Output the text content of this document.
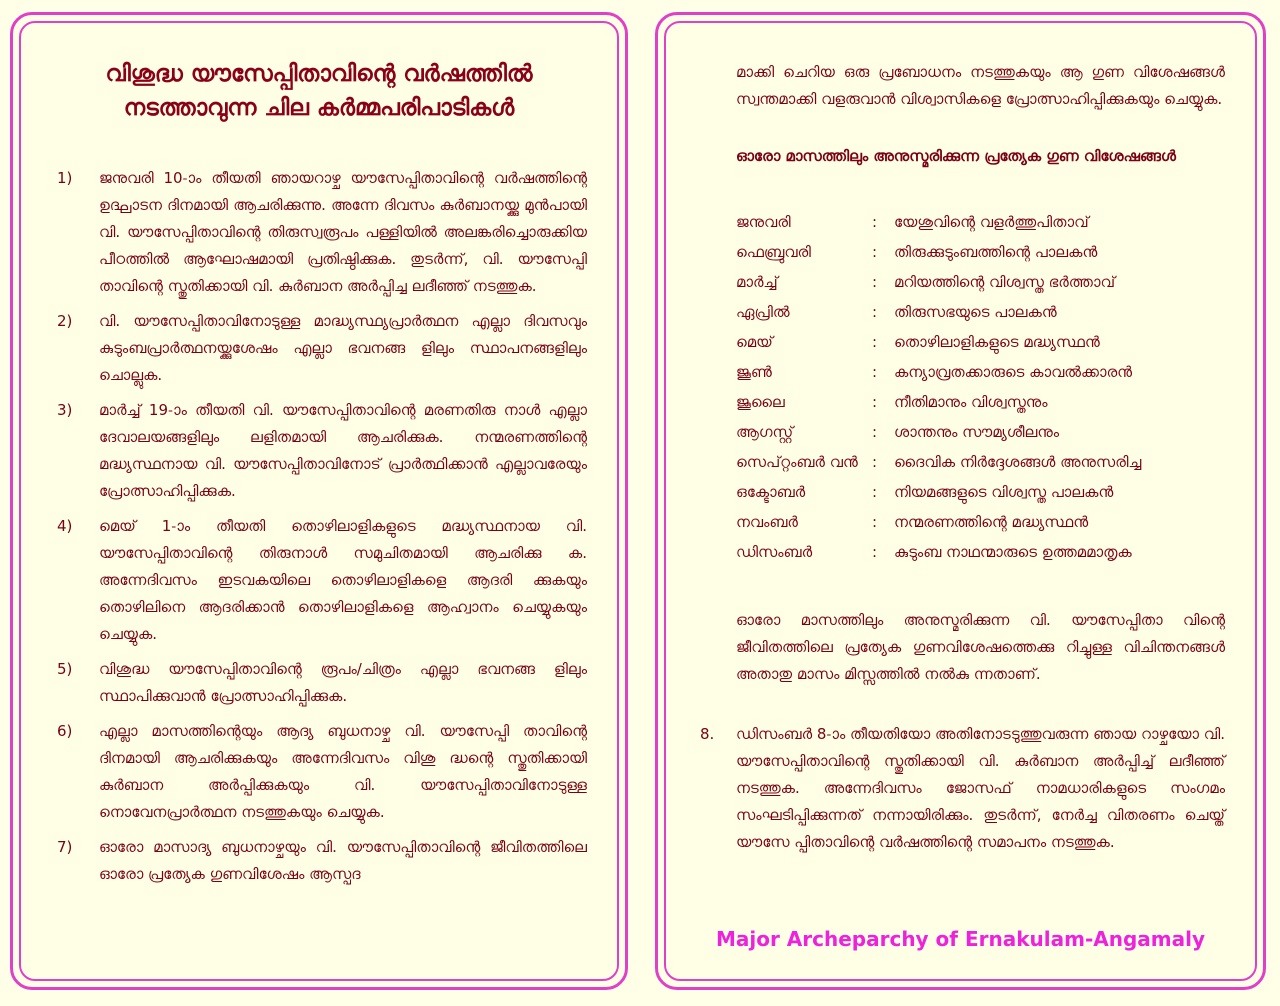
വിശുദ്ധ യൗസേപ്പിതാവിന്റെ വർഷത്തിൽ
നടത്താവുന്ന ചില കർമ്മപരിപാടികൾ
1)	ജനുവരി 10-ാം തീയതി ഞായറാഴ്ച യൗസേപ്പിതാവിന്റെ വർഷത്തിന്റെ ഉദ്ഘാടന ദിനമായി ആചരിക്കുന്നു. അന്നേ ദിവസം കുർബാനയ്ക്കു മുൻപായി വി. യൗസേപ്പിതാവിന്റെ തിരുസ്വരൂപം പള്ളിയിൽ അലങ്കരിച്ചൊരുക്കിയ പീഠത്തിൽ ആഘോഷമായി പ്രതിഷ്ഠിക്കുക. തുടർന്ന്, വി. യൗസേപ്പി താവിന്റെ സ്തുതിക്കായി വി. കുർബാന അർപ്പിച്ച ലദീഞ്ഞ് നടത്തുക.
2)	വി. യൗസേപ്പിതാവിനോടുള്ള മാദ്ധ്യസ്ഥ്യപ്രാർത്ഥന എല്ലാ ദിവസവും കുടുംബപ്രാർത്ഥനയ്ക്കുശേഷം എല്ലാ ഭവനങ്ങ ളിലും സ്ഥാപനങ്ങളിലും ചൊല്ലുക.
3)	മാർച്ച് 19-ാം തീയതി വി. യൗസേപ്പിതാവിന്റെ മരണതിരു നാൾ എല്ലാ ദേവാലയങ്ങളിലും ലളിതമായി ആചരിക്കുക. നന്മരണത്തിന്റെ മദ്ധ്യസ്ഥനായ വി. യൗസേപ്പിതാവിനോട് പ്രാർത്ഥിക്കാൻ എല്ലാവരേയും പ്രോത്സാഹിപ്പിക്കുക.
4)	മെയ് 1-ാം തീയതി തൊഴിലാളികളുടെ മദ്ധ്യസ്ഥനായ വി. യൗസേപ്പിതാവിന്റെ തിരുനാൾ സമുചിതമായി ആചരിക്കു ക. അന്നേദിവസം ഇടവകയിലെ തൊഴിലാളികളെ ആദരി ക്കുകയും തൊഴിലിനെ ആദരിക്കാൻ തൊഴിലാളികളെ ആഹ്വാനം ചെയ്യുകയും ചെയ്യുക.
5)	വിശുദ്ധ യൗസേപ്പിതാവിന്റെ രൂപം/ചിത്രം എല്ലാ ഭവനങ്ങ ളിലും സ്ഥാപിക്കുവാൻ പ്രോത്സാഹിപ്പിക്കുക.
6)	എല്ലാ മാസത്തിന്റെയും ആദ്യ ബുധനാഴ്ച വി. യൗസേപ്പി താവിന്റെ ദിനമായി ആചരിക്കുകയും അന്നേദിവസം വിശു ദ്ധന്റെ സ്തുതിക്കായി കുർബാന അർപ്പിക്കുകയും വി. യൗസേപ്പിതാവിനോടുള്ള നൊവേനപ്രാർത്ഥന നടത്തുകയും ചെയ്യുക.
7)	ഓരോ മാസാദ്യ ബുധനാഴ്ചയും വി. യൗസേപ്പിതാവിന്റെ ജീവിതത്തിലെ ഓരോ പ്രത്യേക ഗുണവിശേഷം ആസ്പദ
മാക്കി ചെറിയ ഒരു പ്രബോധനം നടത്തുകയും ആ ഗുണ വിശേഷങ്ങൾ സ്വന്തമാക്കി വളരുവാൻ വിശ്വാസികളെ പ്രോത്സാഹിപ്പിക്കുകയും ചെയ്യുക.
ഓരോ മാസത്തിലും അനുസ്മരിക്കുന്ന പ്രത്യേക ഗുണ വിശേഷങ്ങൾ
ജനുവരി	:	യേശുവിന്റെ വളർത്തുപിതാവ്
ഫെബ്രുവരി	:	തിരുക്കുടുംബത്തിന്റെ പാലകൻ
മാർച്ച്	:	മറിയത്തിന്റെ വിശ്വസ്ത ഭർത്താവ്
ഏപ്രിൽ	:	തിരുസഭയുടെ പാലകൻ
മെയ്	:	തൊഴിലാളികളുടെ മദ്ധ്യസ്ഥൻ
ജൂൺ	:	കന്യാവ്രതക്കാരുടെ കാവൽക്കാരൻ
ജൂലൈ	:	നീതിമാനും വിശ്വസ്തനും
ആഗസ്റ്റ്	:	ശാന്തനും സൗമ്യശീലനും
സെപ്റ്റംബർ വൻ :	ദൈവിക നിർദ്ദേശങ്ങൾ അനുസരിച്ച
ഒക്ടോബർ	:	നിയമങ്ങളുടെ വിശ്വസ്ത പാലകൻ
നവംബർ	:	നന്മരണത്തിന്റെ മദ്ധ്യസ്ഥൻ
ഡിസംബർ	:	കുടുംബ നാഥന്മാരുടെ ഉത്തമമാതൃക
ഓരോ മാസത്തിലും അനുസ്മരിക്കുന്ന വി. യൗസേപ്പിതാ വിന്റെ ജീവിതത്തിലെ പ്രത്യേക ഗുണവിശേഷത്തെക്കു റിച്ചുള്ള വിചിന്തനങ്ങൾ അതാതു മാസം മിസ്സത്തിൽ നൽകു ന്നതാണ്.
8.	ഡിസംബർ 8-ാം തീയതിയോ അതിനോടടുത്തുവരുന്ന ഞായ റാഴ്ചയോ വി. യൗസേപ്പിതാവിന്റെ സ്തുതിക്കായി വി. കുർബാന അർപ്പിച്ച് ലദീഞ്ഞ് നടത്തുക. അന്നേദിവസം ജോസഫ് നാമധാരികളുടെ സംഗമം സംഘടിപ്പിക്കുന്നത് നന്നായിരിക്കും. തുടർന്ന്, നേർച്ച വിതരണം ചെയ്ത് യൗസേ പ്പിതാവിന്റെ വർഷത്തിന്റെ സമാപനം നടത്തുക.
Major Archeparchy of Ernakulam-Angamaly
